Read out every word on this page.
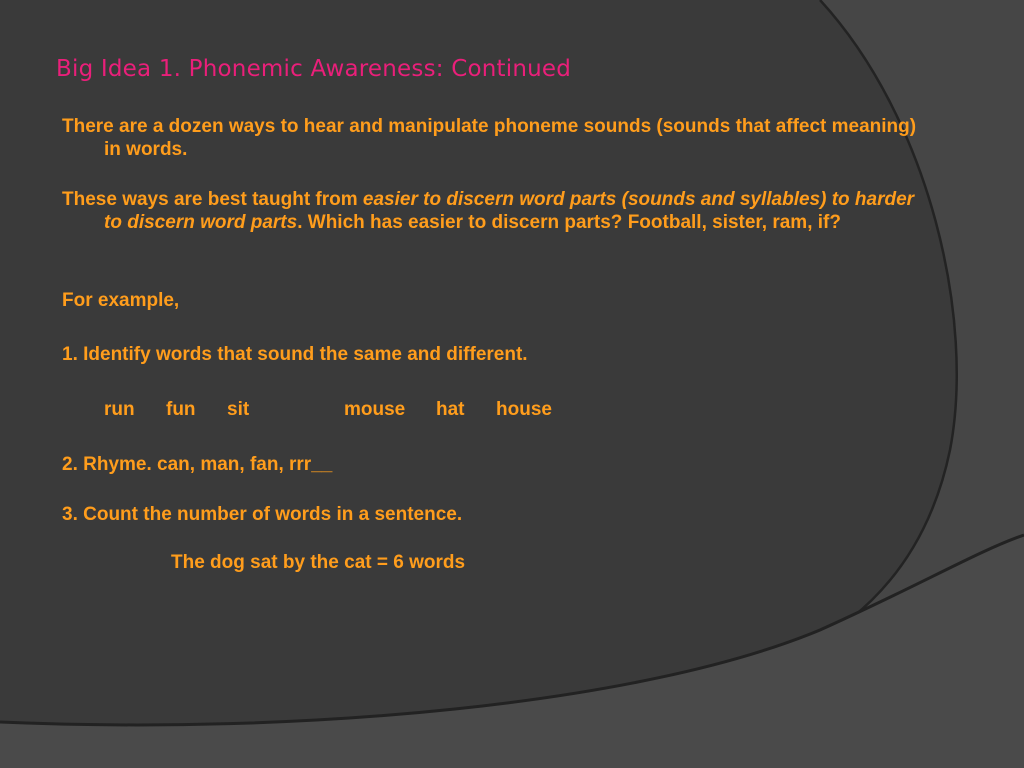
Big Idea 1. Phonemic Awareness: Continued
There are a dozen ways to hear and manipulate phoneme sounds (sounds that affect meaning) in words.
These ways are best taught from easier to discern word parts (sounds and syllables) to harder to discern word parts. Which has easier to discern parts? Football, sister, ram, if?
For example,
1. Identify words that sound the same and different.
run fun sit	mouse hat house
2. Rhyme. can, man, fan, rrr__
3. Count the number of words in a sentence.
The dog sat by the cat = 6 words
